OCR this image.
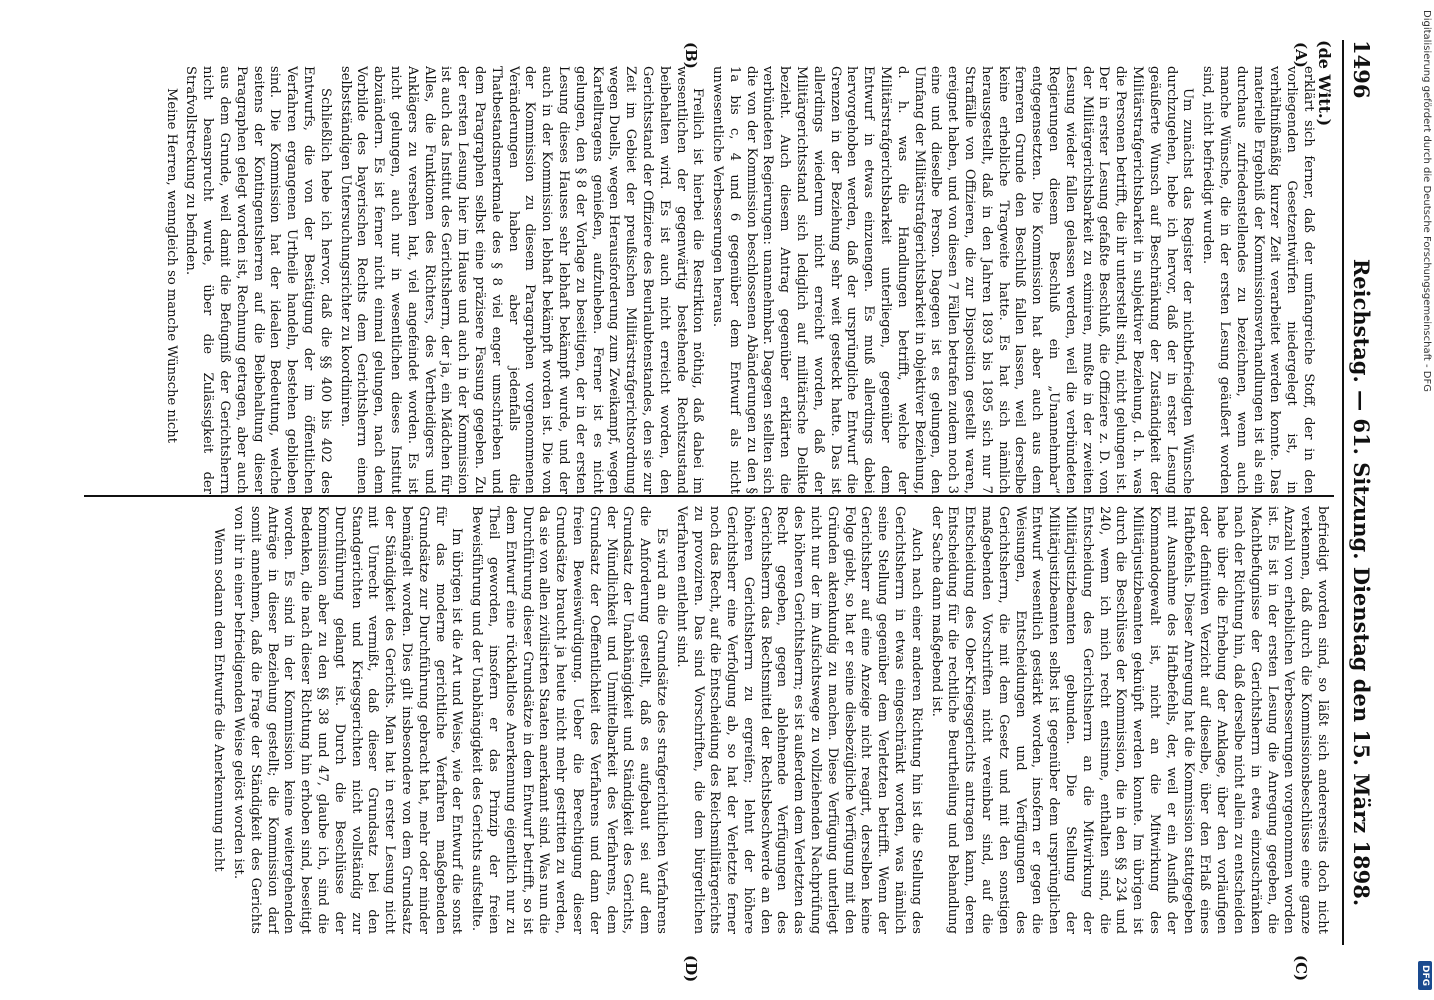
1496
Reichstag. — 61. Sitzung. Dienstag den 15. März 1898.
(de Witt.)
(A)
(B)
(C)
(D)

erklärt sich ferner, daß der umfangreiche Stoff, der in den vorliegenden Gesetzentwürfen niedergelegt ist, in verhältnißmäßig kurzer Zeit verarbeitet werden konnte. Das materielle Ergebniß der Kommissionsverhandlungen ist als ein durchaus zufriedenstellendes zu bezeichnen, wenn auch manche Wünsche, die in der ersten Lesung geäußert worden sind, nicht befriedigt wurden.

Um zunächst das Register der nichtbefriedigten Wünsche durchzugehen, hebe ich hervor, daß der in erster Lesung geäußerte Wunsch auf Beschränkung der Zuständigkeit der Militärstrafgerichtsbarkeit in subjektiver Beziehung, d. h. was die Personen betrifft, die ihr unterstellt sind, nicht gelungen ist. Der in erster Lesung gefaßte Beschluß, die Offiziere z. D. von der Militärgerichtsbarkeit zu eximiren, mußte in der zweiten Lesung wieder fallen gelassen werden, weil die verbündeten Regierungen diesem Beschluß ein „Unannehmbar“ entgegensetzten. Die Kommission hat aber auch aus dem ferneren Grunde den Beschluß fallen lassen, weil derselbe keine erhebliche Tragweite hatte. Es hat sich nämlich herausgestellt, daß in den Jahren 1893 bis 1895 sich nur 7 Straffälle von Offizieren, die zur Disposition gestellt waren, ereignet haben, und von diesen 7 Fällen betrafen zudem noch 3 eine und dieselbe Person. Dagegen ist es gelungen, den Umfang der Militärstrafgerichtsbarkeit in objektiver Beziehung, d. h. was die Handlungen betrifft, welche der Militärstrafgerichtsbarkeit unterliegen, gegenüber dem Entwurf in etwas einzuengen. Es muß allerdings dabei hervorgehoben werden, daß der ursprüngliche Entwurf die Grenzen in der Beziehung sehr weit gesteckt hatte. Das ist allerdings wiederum nicht erreicht worden, daß der Militärgerichtsstand sich lediglich auf militärische Delikte bezieht. Auch diesem Antrag gegenüber erklärten die verbündeten Regierungen: unannehmbar. Dagegen stellten sich die von der Kommission beschlossenen Abänderungen zu den § 1a bis c, 4 und 6 gegenüber dem Entwurf als nicht unwesentliche Verbesserungen heraus.

Freilich ist hierbei die Restriktion nöthig, daß dabei im wesentlichen der gegenwärtig bestehende Rechtszustand beibehalten wird. Es ist auch nicht erreicht worden, den Gerichtsstand der Offiziere des Beurlaubtenstandes, den sie zur Zeit im Gebiet der preußischen Militärstrafgerichtsordnung wegen Duells, wegen Herausforderung zum Zweikampf, wegen Kartelltragens genießen, aufzuheben. Ferner ist es nicht gelungen, den § 8 der Vorlage zu beseitigen, der in der ersten Lesung dieses Hauses sehr lebhaft bekämpft wurde, und der auch in der Kommission lebhaft bekämpft worden ist. Die von der Kommission zu diesem Paragraphen vorgenommenen Veränderungen haben aber jedenfalls die Thatbestandsmerkmale des § 8 viel enger umschrieben und dem Paragraphen selbst eine präzisere Fassung gegeben. Zu der ersten Lesung hier im Hause und auch in der Kommission ist auch das Institut des Gerichtsherrn, der ja, ein Mädchen für Alles, die Funktionen des Richters, des Vertheidigers und Anklägers zu versehen hat, viel angefeindet worden. Es ist nicht gelungen, auch nur in wesentlichen dieses Institut abzuändern. Es ist ferner nicht einmal gelungen, nach dem Vorbilde des bayerischen Rechts dem Gerichtsherrn einen selbstständigen Untersuchungsrichter zu koordiniren.

Schließlich hebe ich hervor, daß die §§ 400 bis 402 des Entwurfs, die von der Bestätigung der im öffentlichen Verfahren ergangenen Urtheile handeln, bestehen geblieben sind. Die Kommission hat der idealen Bedeutung, welche seitens der Kontingentsherren auf die Beibehaltung dieser Paragraphen gelegt worden ist, Rechnung getragen, aber auch aus dem Grunde, weil damit die Befugniß der Gerichtsherrn nicht beansprucht wurde, über die Zulässigkeit der Strafvollstreckung zu befinden.

Meine Herren, wenngleich so manche Wünsche nicht

befriedigt worden sind, so läßt sich andererseits doch nicht verkennen, daß durch die Kommissionsbeschlüsse eine ganze Anzahl von erheblichen Verbesserungen vorgenommen worden ist. Es ist in der ersten Lesung die Anregung gegeben, die Machtbefugnisse der Gerichtsherrn in etwa einzuschränken nach der Richtung hin, daß derselbe nicht allein zu entscheiden habe über die Erhebung der Anklage, über den vorläufigen oder definitiven Verzicht auf dieselbe, über den Erlaß eines Haftbefehls. Dieser Anregung hat die Kommission stattgegeben mit Ausnahme des Haftbefehls, der, weil er ein Ausfluß der Kommandogewalt ist, nicht an die Mitwirkung des Militärjustizbeamten geknüpft werden konnte. Im übrigen ist durch die Beschlüsse der Kommission, die in den §§ 234 und 240, wenn ich mich recht entsinne, enthalten sind, die Entscheidung des Gerichtsherrn an die Mitwirkung der Militärjustizbeamten gebunden. Die Stellung der Militärjustizbeamten selbst ist gegenüber dem ursprünglichen Entwurf wesentlich gestärkt worden, insofern er gegen die Weisungen, Entscheidungen und Verfügungen des Gerichtsherrn, die mit dem Gesetz und mit den sonstigen maßgebenden Vorschriften nicht vereinbar sind, auf die Entscheidung des Ober-Kriegsgerichts antragen kann, deren Entscheidung für die rechtliche Beurtheilung und Behandlung der Sache dann maßgebend ist.

Auch nach einer anderen Richtung hin ist die Stellung des Gerichtsherrn in etwas eingeschränkt worden, was nämlich seine Stellung gegenüber dem Verletzten betrifft. Wenn der Gerichtsherr auf eine Anzeige nicht reagirt, derselben keine Folge giebt, so hat er seine diesbezügliche Verfügung mit den Gründen aktenkundig zu machen. Diese Verfügung unterliegt nicht nur der im Aufsichtswege zu vollziehenden Nachprüfung des höheren Gerichtsherrn; es ist außerdem dem Verletzten das Recht gegeben, gegen ablehnende Verfügungen des Gerichtsherrn das Rechtsmittel der Rechtsbeschwerde an den höheren Gerichtsherrn zu ergreifen; lehnt der höhere Gerichtsherr eine Verfolgung ab, so hat der Verletzte ferner noch das Recht, auf die Entscheidung des Reichsmilitärgerichts zu provoziren. Das sind Vorschriften, die dem bürgerlichen Verfahren entlehnt sind.

Es wird an die Grundsätze des strafgerichtlichen Verfahrens die Anforderung gestellt, daß es aufgebaut sei auf dem Grundsatz der Unabhängigkeit und Ständigkeit des Gerichts, der Mündlichkeit und Unmittelbarkeit des Verfahrens, dem Grundsatz der Oeffentlichkeit des Verfahrens und dann der freien Beweiswürdigung. Ueber die Berechtigung dieser Grundsätze braucht ja heute nicht mehr gestritten zu werden, da sie von allen zivilisirten Staaten anerkannt sind. Was nun die Durchführung dieser Grundsätze in dem Entwurf betrifft, so ist dem Entwurf eine rückhaltlose Anerkennung eigentlich nur zu Theil geworden, insofern er das Prinzip der freien Beweisführung und der Unabhängigkeit des Gerichts aufstellte.

Im übrigen ist die Art und Weise, wie der Entwurf die sonst für das moderne gerichtliche Verfahren maßgebenden Grundsätze zur Durchführung gebracht hat, mehr oder minder bemängelt worden. Dies gilt insbesondere von dem Grundsatz der Ständigkeit des Gerichts. Man hat in erster Lesung nicht mit Unrecht vermißt, daß dieser Grundsatz bei den Standgerichten und Kriegsgerichten nicht vollständig zur Durchführung gelangt ist. Durch die Beschlüsse der Kommission aber zu den §§ 38 und 47, glaube ich, sind die Bedenken, die nach dieser Richtung hin erhoben sind, beseitigt worden. Es sind in der Kommission keine weitergehenden Anträge in dieser Beziehung gestellt; die Kommission darf somit annehmen, daß die Frage der Ständigkeit des Gerichts von ihr in einer befriedigenden Weise gelöst worden ist.

Wenn sodann dem Entwurfe die Anerkennung nicht

Digitalisierung gefördert durch die Deutsche Forschungsgemeinschaft - DFG
DFG
